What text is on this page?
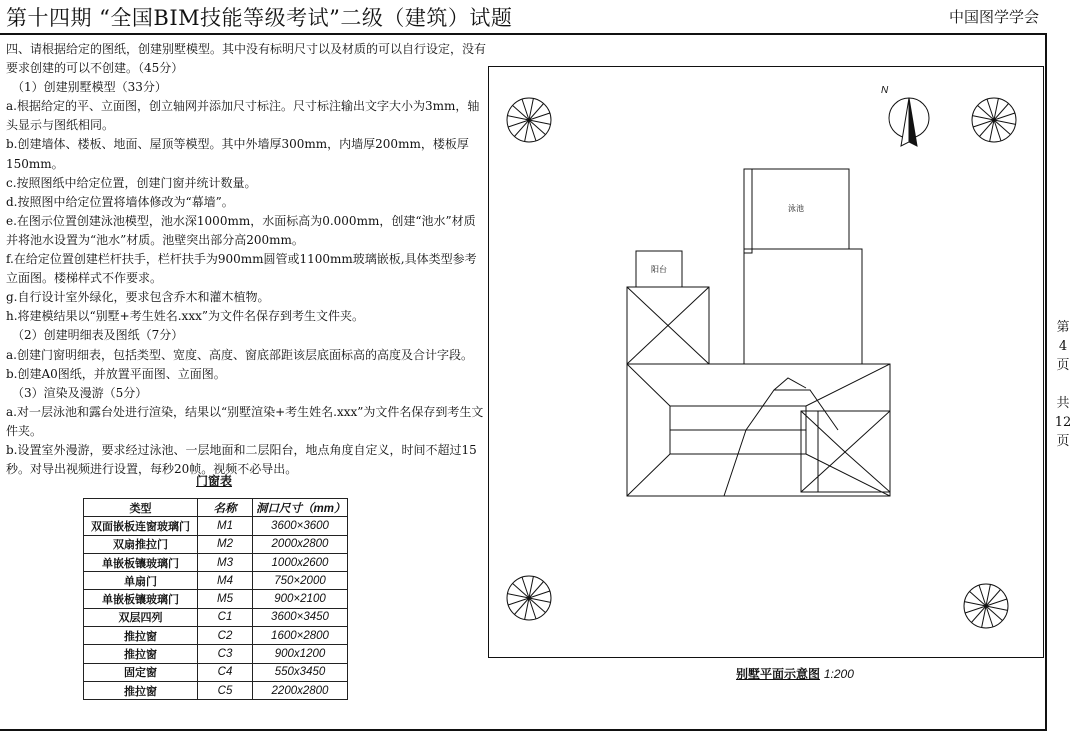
第十四期 “全国BIM技能等级考试”二级（建筑）试题	中国图学学会
四、请根据给定的图纸，创建别墅模型。其中没有标明尺寸以及材质的可以自行设定，没有要求创建的可以不创建。（45分）
（1）创建别墅模型（33分）
a.根据给定的平、立面图，创立轴网并添加尺寸标注。尺寸标注输出文字大小为3mm，轴头显示与图纸相同。
b.创建墙体、楼板、地面、屋顶等模型。其中外墙厚300mm，内墙厚200mm，楼板厚150mm。
c.按照图纸中给定位置，创建门窗并统计数量。
d.按照图中给定位置将墙体修改为“幕墙”。
e.在图示位置创建泳池模型，池水深1000mm，水面标高为0.000mm，创建“池水”材质并将池水设置为“池水”材质。池壁突出部分高200mm。
f.在给定位置创建栏杆扶手，栏杆扶手为900mm圆管或1100mm玻璃嵌板,具体类型参考立面图。楼梯样式不作要求。
g.自行设计室外绿化，要求包含乔木和灌木植物。
h.将建模结果以“别墅+考生姓名.xxx”为文件名保存到考生文件夹。
（2）创建明细表及图纸（7分）
a.创建门窗明细表，包括类型、宽度、高度、窗底部距该层底面标高的高度及合计字段。
b.创建A0图纸，并放置平面图、立面图。
（3）渲染及漫游（5分）
a.对一层泳池和露台处进行渲染，结果以“别墅渲染+考生姓名.xxx”为文件名保存到考生文件夹。
b.设置室外漫游，要求经过泳池、一层地面和二层阳台，地点角度自定义，时间不超过15秒。对导出视频进行设置，每秒20帧。视频不必导出。
第
4
页
共
12
页
门窗表
类型	名称	洞口尺寸（mm）
双面嵌板连窗玻璃门	M1	3600×3600
双扇推拉门	M2	2000x2800
单嵌板镶玻璃门	M3	1000x2600
单扇门	M4	750×2000
单嵌板镶玻璃门	M5	900×2100
双层四列	C1	3600×3450
推拉窗	C2	1600×2800
推拉窗	C3	900x1200
固定窗	C4	550x3450
推拉窗	C5	2200x2800
N
泳池
阳台
别墅平面示意图 1:200
